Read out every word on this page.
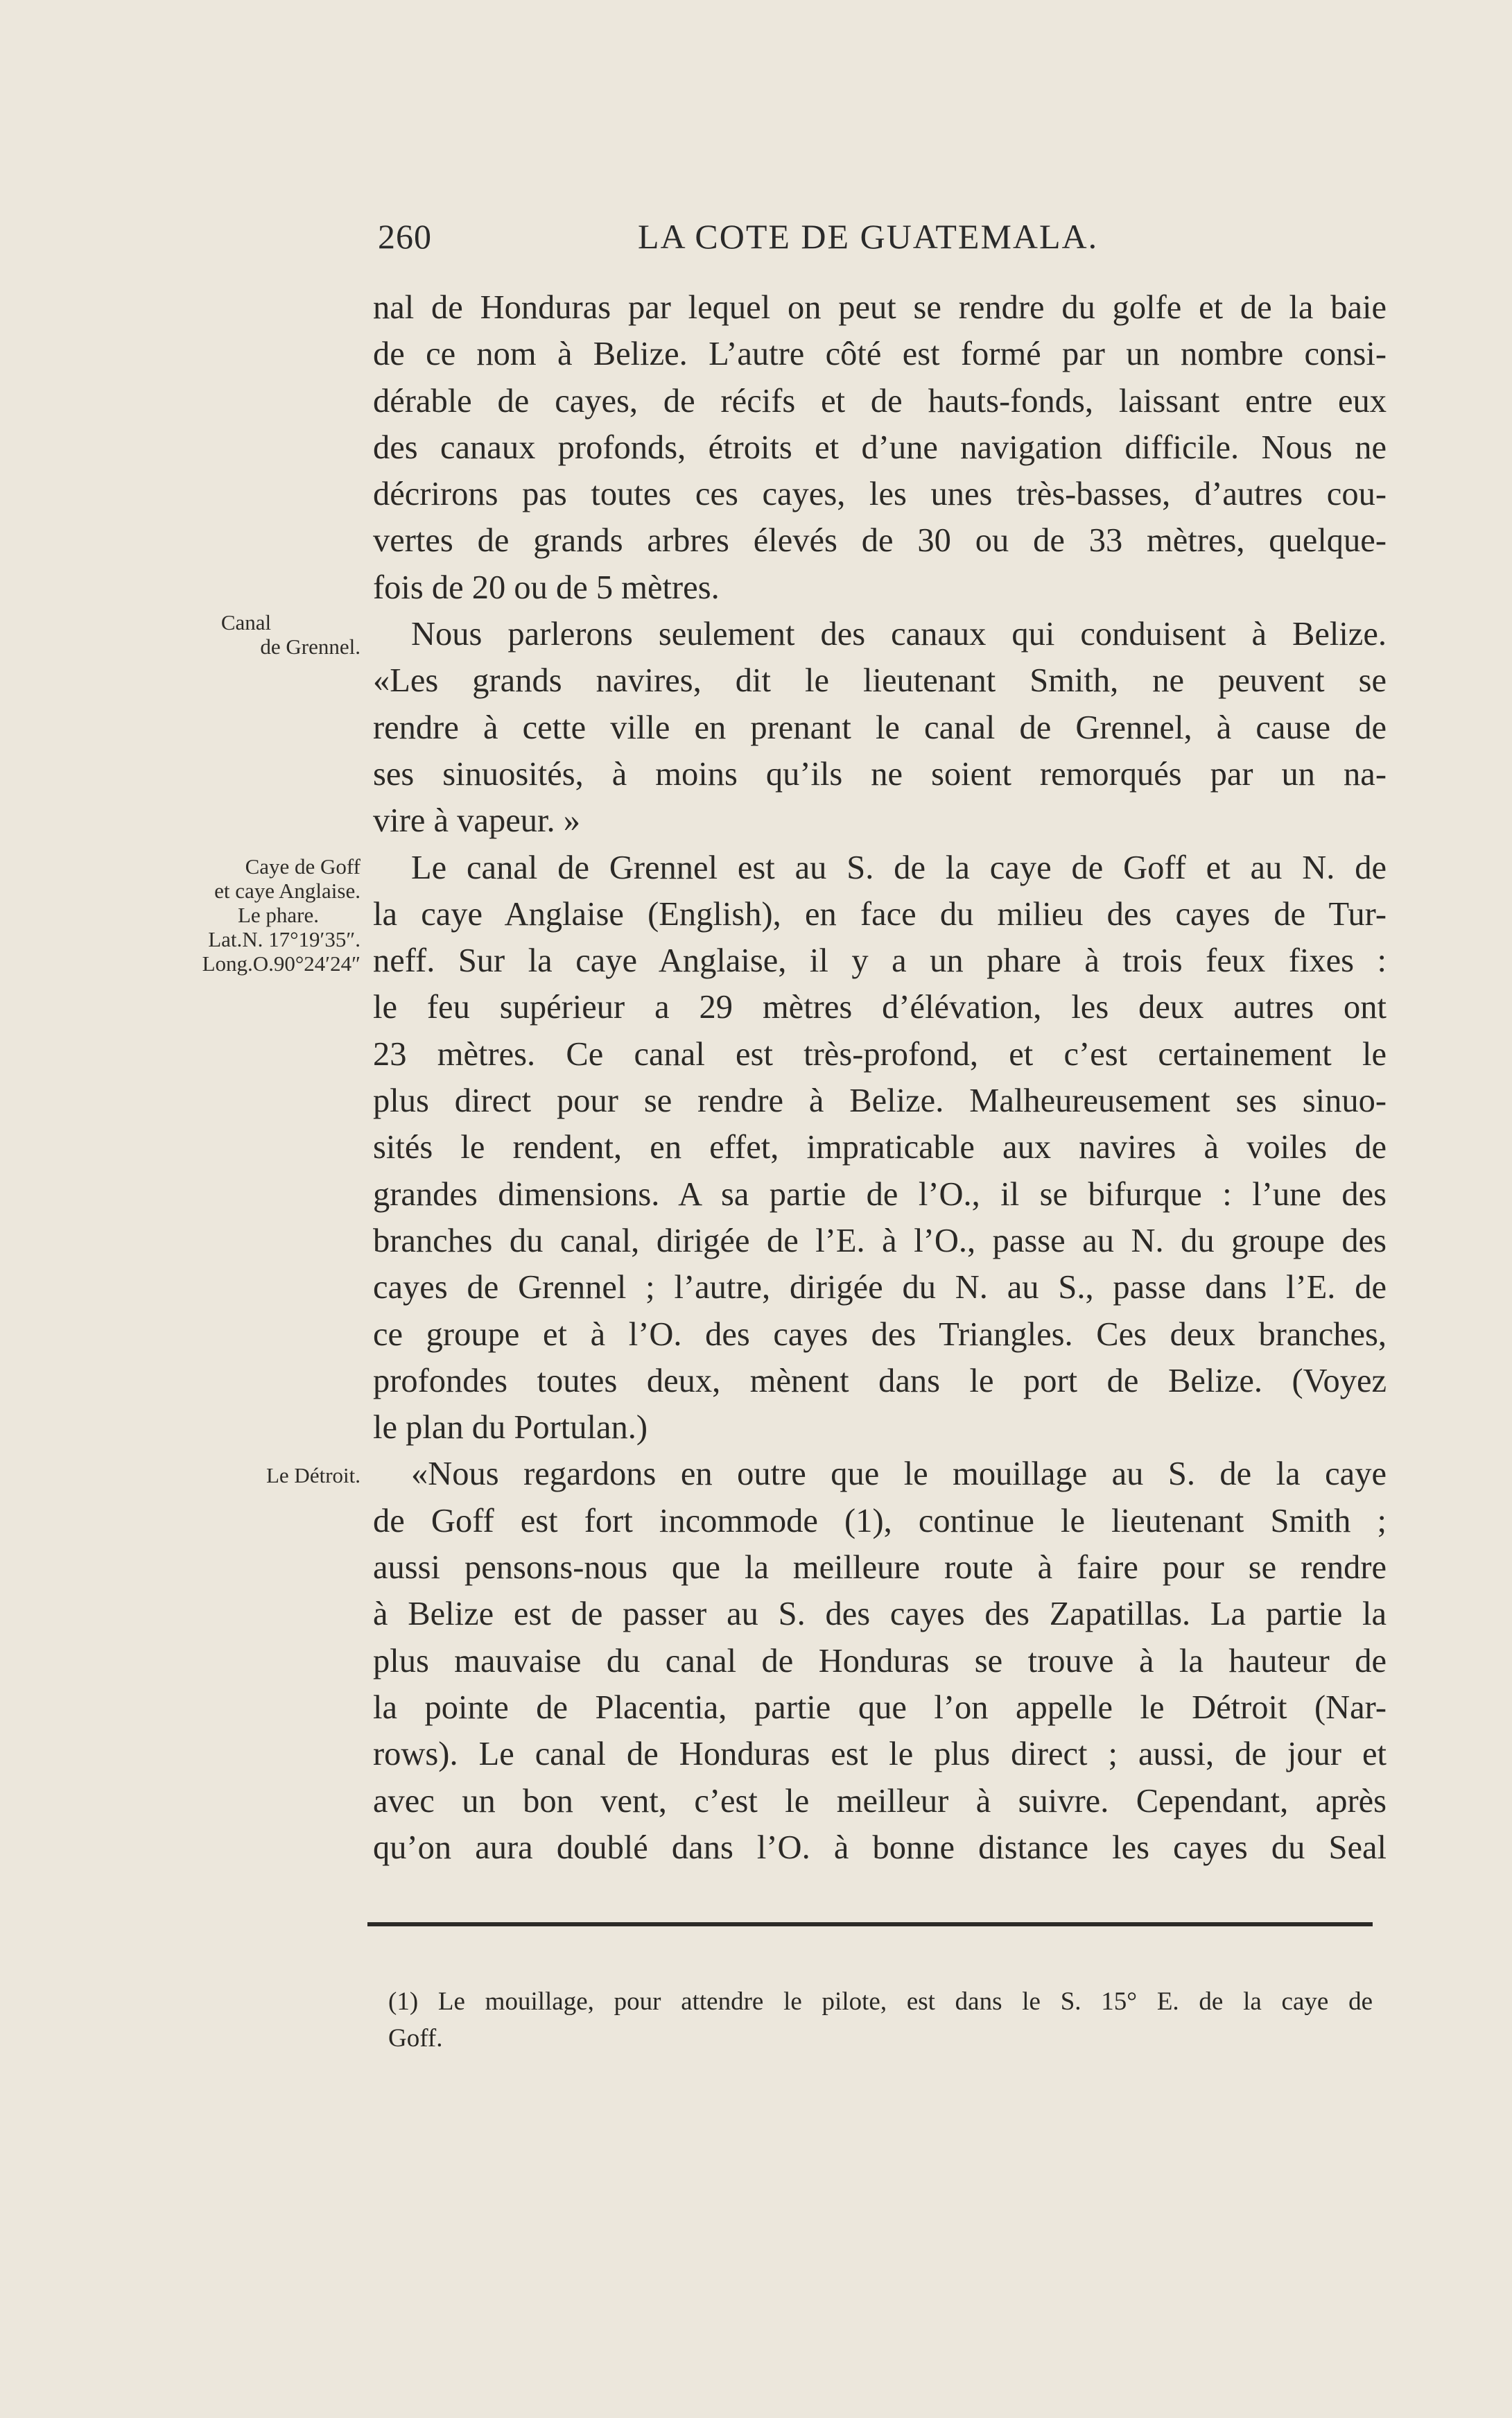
260	LA COTE DE GUATEMALA.
nal de Honduras par lequel on peut se rendre du golfe et de la baie
de ce nom à Belize. L’autre côté est formé par un nombre consi-
dérable de cayes, de récifs et de hauts-fonds, laissant entre eux
des canaux profonds, étroits et d’une navigation difficile. Nous ne
décrirons pas toutes ces cayes, les unes très-basses, d’autres cou-
vertes de grands arbres élevés de 30 ou de 33 mètres, quelque-
fois de 20 ou de 5 mètres.
Nous parlerons seulement des canaux qui conduisent à Belize.
«Les grands navires, dit le lieutenant Smith, ne peuvent se
rendre à cette ville en prenant le canal de Grennel, à cause de
ses sinuosités, à moins qu’ils ne soient remorqués par un na-
vire à vapeur. »
Le canal de Grennel est au S. de la caye de Goff et au N. de
la caye Anglaise (English), en face du milieu des cayes de Tur-
neff. Sur la caye Anglaise, il y a un phare à trois feux fixes :
le feu supérieur a 29 mètres d’élévation, les deux autres ont
23 mètres. Ce canal est très-profond, et c’est certainement le
plus direct pour se rendre à Belize. Malheureusement ses sinuo-
sités le rendent, en effet, impraticable aux navires à voiles de
grandes dimensions. A sa partie de l’O., il se bifurque : l’une des
branches du canal, dirigée de l’E. à l’O., passe au N. du groupe des
cayes de Grennel ; l’autre, dirigée du N. au S., passe dans l’E. de
ce groupe et à l’O. des cayes des Triangles. Ces deux branches,
profondes toutes deux, mènent dans le port de Belize. (Voyez
le plan du Portulan.)
«Nous regardons en outre que le mouillage au S. de la caye
de Goff est fort incommode (1), continue le lieutenant Smith ;
aussi pensons-nous que la meilleure route à faire pour se rendre
à Belize est de passer au S. des cayes des Zapatillas. La partie la
plus mauvaise du canal de Honduras se trouve à la hauteur de
la pointe de Placentia, partie que l’on appelle le Détroit (Nar-
rows). Le canal de Honduras est le plus direct ; aussi, de jour et
avec un bon vent, c’est le meilleur à suivre. Cependant, après
qu’on aura doublé dans l’O. à bonne distance les cayes du Seal
Canal
de Grennel.
Caye de Goff
et caye Anglaise.
Le phare.
Lat.N. 17°19′35″.
Long.O.90°24′24″
Le Détroit.
(1) Le mouillage, pour attendre le pilote, est dans le S. 15° E. de la caye de
Goff.
